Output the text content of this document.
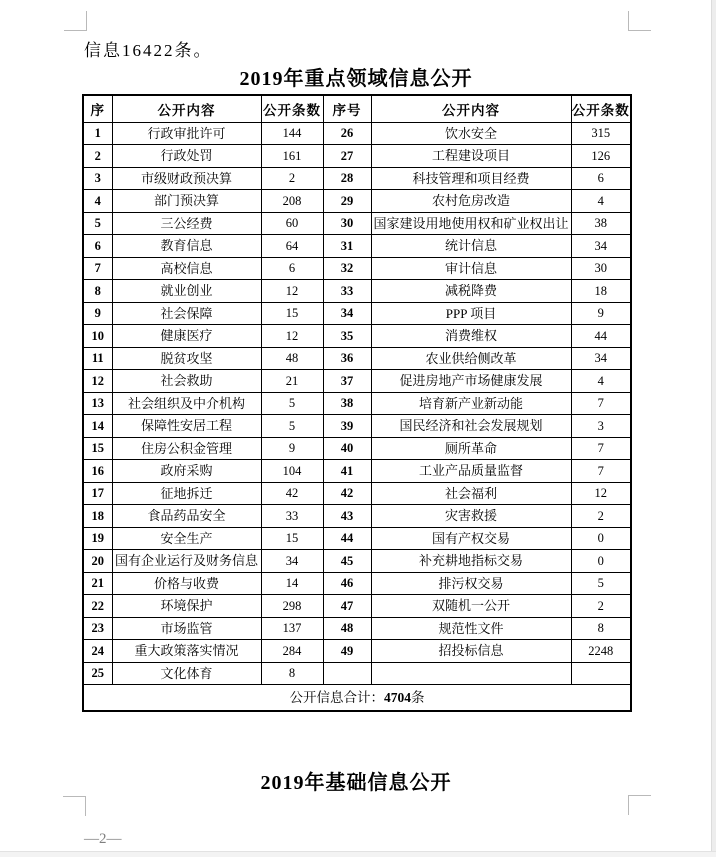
信息16422条。
2019年重点领域信息公开
序	公开内容	公开条数	序号	公开内容	公开条数
1	行政审批许可	144	26	饮水安全	315
2	行政处罚	161	27	工程建设项目	126
3	市级财政预决算	2	28	科技管理和项目经费	6
4	部门预决算	208	29	农村危房改造	4
5	三公经费	60	30	国家建设用地使用权和矿业权出让	38
6	教育信息	64	31	统计信息	34
7	高校信息	6	32	审计信息	30
8	就业创业	12	33	减税降费	18
9	社会保障	15	34	PPP 项目	9
10	健康医疗	12	35	消费维权	44
11	脱贫攻坚	48	36	农业供给侧改革	34
12	社会救助	21	37	促进房地产市场健康发展	4
13	社会组织及中介机构	5	38	培育新产业新动能	7
14	保障性安居工程	5	39	国民经济和社会发展规划	3
15	住房公积金管理	9	40	厕所革命	7
16	政府采购	104	41	工业产品质量监督	7
17	征地拆迁	42	42	社会福利	12
18	食品药品安全	33	43	灾害救援	2
19	安全生产	15	44	国有产权交易	0
20	国有企业运行及财务信息	34	45	补充耕地指标交易	0
21	价格与收费	14	46	排污权交易	5
22	环境保护	298	47	双随机一公开	2
23	市场监管	137	48	规范性文件	8
24	重大政策落实情况	284	49	招投标信息	2248
25	文化体育	8			
公开信息合计：4704条					
2019年基础信息公开
—2—
